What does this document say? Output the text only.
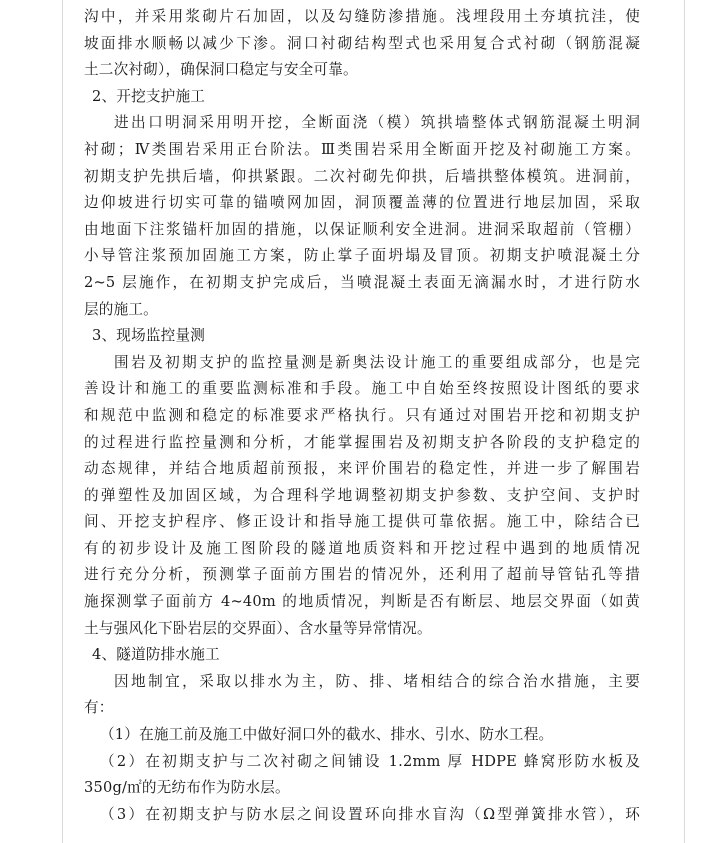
沟中，并采用浆砌片石加固，以及勾缝防渗措施。浅埋段用土夯填抗洼，使
坡面排水顺畅以减少下渗。洞口衬砌结构型式也采用复合式衬砌（钢筋混凝
土二次衬砌），确保洞口稳定与安全可靠。
2、开挖支护施工
进出口明洞采用明开挖，全断面浇（模）筑拱墙整体式钢筋混凝土明洞
衬砌；Ⅳ类围岩采用正台阶法。Ⅲ类围岩采用全断面开挖及衬砌施工方案。
初期支护先拱后墙，仰拱紧跟。二次衬砌先仰拱，后墙拱整体模筑。进洞前，
边仰坡进行切实可靠的锚喷网加固，洞顶覆盖薄的位置进行地层加固，采取
由地面下注浆锚杆加固的措施，以保证顺利安全进洞。进洞采取超前（管棚）
小导管注浆预加固施工方案，防止掌子面坍塌及冒顶。初期支护喷混凝土分
2~5 层施作，在初期支护完成后，当喷混凝土表面无滴漏水时，才进行防水
层的施工。
3、现场监控量测
围岩及初期支护的监控量测是新奥法设计施工的重要组成部分，也是完
善设计和施工的重要监测标准和手段。施工中自始至终按照设计图纸的要求
和规范中监测和稳定的标准要求严格执行。只有通过对围岩开挖和初期支护
的过程进行监控量测和分析，才能掌握围岩及初期支护各阶段的支护稳定的
动态规律，并结合地质超前预报，来评价围岩的稳定性，并进一步了解围岩
的弹塑性及加固区域，为合理科学地调整初期支护参数、支护空间、支护时
间、开挖支护程序、修正设计和指导施工提供可靠依据。施工中，除结合已
有的初步设计及施工图阶段的隧道地质资料和开挖过程中遇到的地质情况
进行充分分析，预测掌子面前方围岩的情况外，还利用了超前导管钻孔等措
施探测掌子面前方 4~40m 的地质情况，判断是否有断层、地层交界面（如黄
土与强风化下卧岩层的交界面）、含水量等异常情况。
4、隧道防排水施工
因地制宜，采取以排水为主，防、排、堵相结合的综合治水措施，主要
有：
（1）在施工前及施工中做好洞口外的截水、排水、引水、防水工程。
（2）在初期支护与二次衬砌之间铺设 1.2mm 厚 HDPE 蜂窝形防水板及
350g/㎡的无纺布作为防水层。
（3）在初期支护与防水层之间设置环向排水盲沟（Ω型弹簧排水管），环
